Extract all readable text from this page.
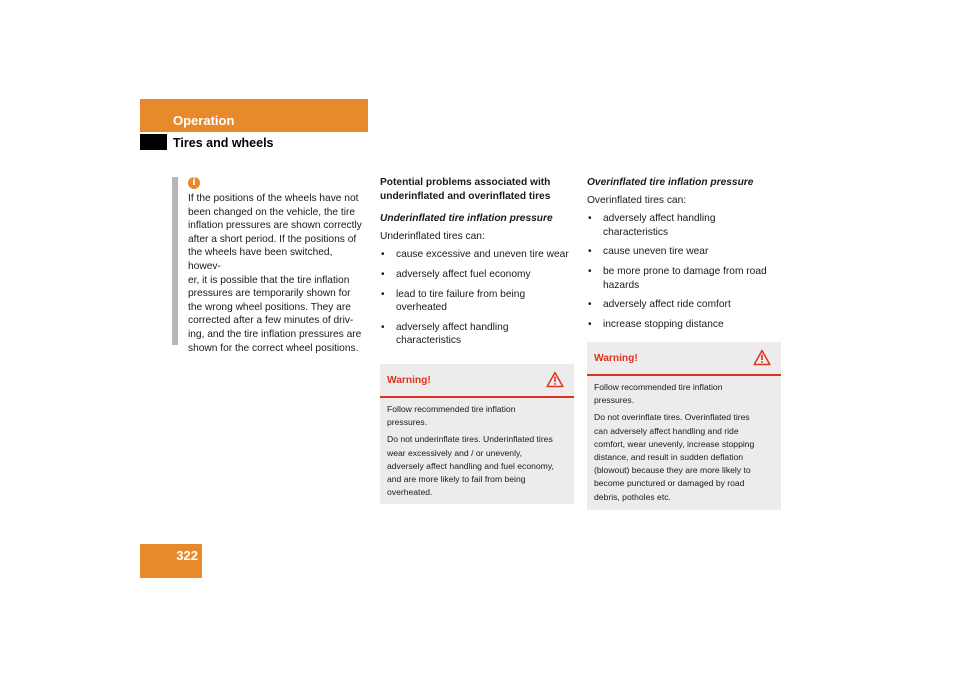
Operation
Tires and wheels
i
If the positions of the wheels have not
been changed on the vehicle, the tire
inflation pressures are shown correctly
after a short period. If the positions of
the wheels have been switched, howev-
er, it is possible that the tire inflation
pressures are temporarily shown for
the wrong wheel positions. They are
corrected after a few minutes of driv-
ing, and the tire inflation pressures are
shown for the correct wheel positions.
Potential problems associated with
underinflated and overinflated tires
Underinflated tire inflation pressure
Underinflated tires can:
• cause excessive and uneven tire wear
• adversely affect fuel economy
• lead to tire failure from being
overheated
• adversely affect handling
characteristics
Warning!

Follow recommended tire inflation
pressures.

Do not underinflate tires. Underinflated tires
wear excessively and / or unevenly,
adversely affect handling and fuel economy,
and are more likely to fail from being
overheated.

Overinflated tire inflation pressure
Overinflated tires can:
• adversely affect handling
characteristics
• cause uneven tire wear
• be more prone to damage from road
hazards
• adversely affect ride comfort
• increase stopping distance
Warning!

Follow recommended tire inflation
pressures.

Do not overinflate tires. Overinflated tires
can adversely affect handling and ride
comfort, wear unevenly, increase stopping
distance, and result in sudden deflation
(blowout) because they are more likely to
become punctured or damaged by road
debris, potholes etc.

322
